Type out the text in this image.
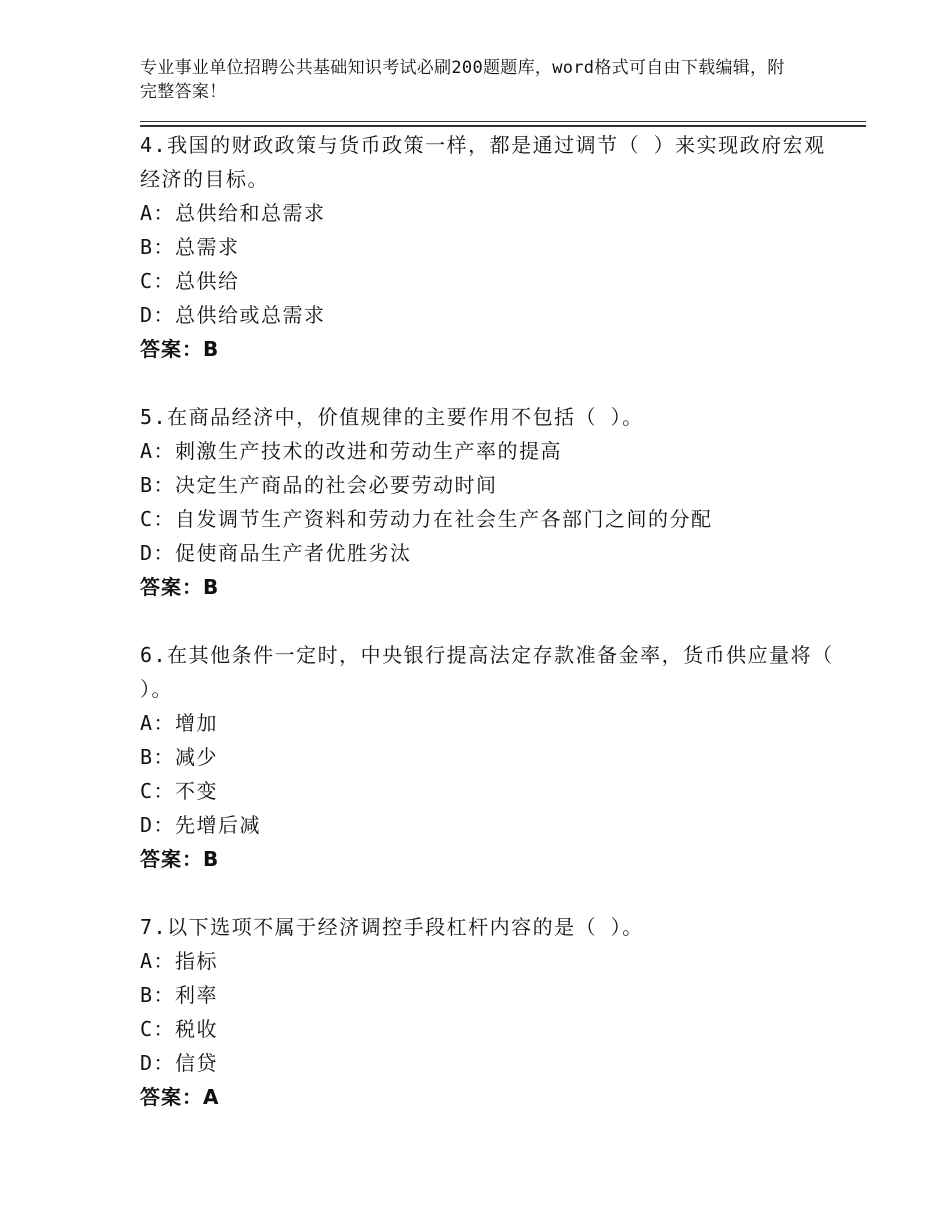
专业事业单位招聘公共基础知识考试必刷200题题库，word格式可自由下载编辑，附完整答案！

4.我国的财政政策与货币政策一样，都是通过调节（ ）来实现政府宏观经济的目标。

A：总供给和总需求

B：总需求

C：总供给

D：总供给或总需求

答案：B

5.在商品经济中，价值规律的主要作用不包括（ ）。

A：刺激生产技术的改进和劳动生产率的提高

B：决定生产商品的社会必要劳动时间

C：自发调节生产资料和劳动力在社会生产各部门之间的分配

D：促使商品生产者优胜劣汰

答案：B

6.在其他条件一定时，中央银行提高法定存款准备金率，货币供应量将（ ）。

A：增加

B：减少

C：不变

D：先增后减

答案：B

7.以下选项不属于经济调控手段杠杆内容的是（ ）。

A：指标

B：利率

C：税收

D：信贷

答案：A
